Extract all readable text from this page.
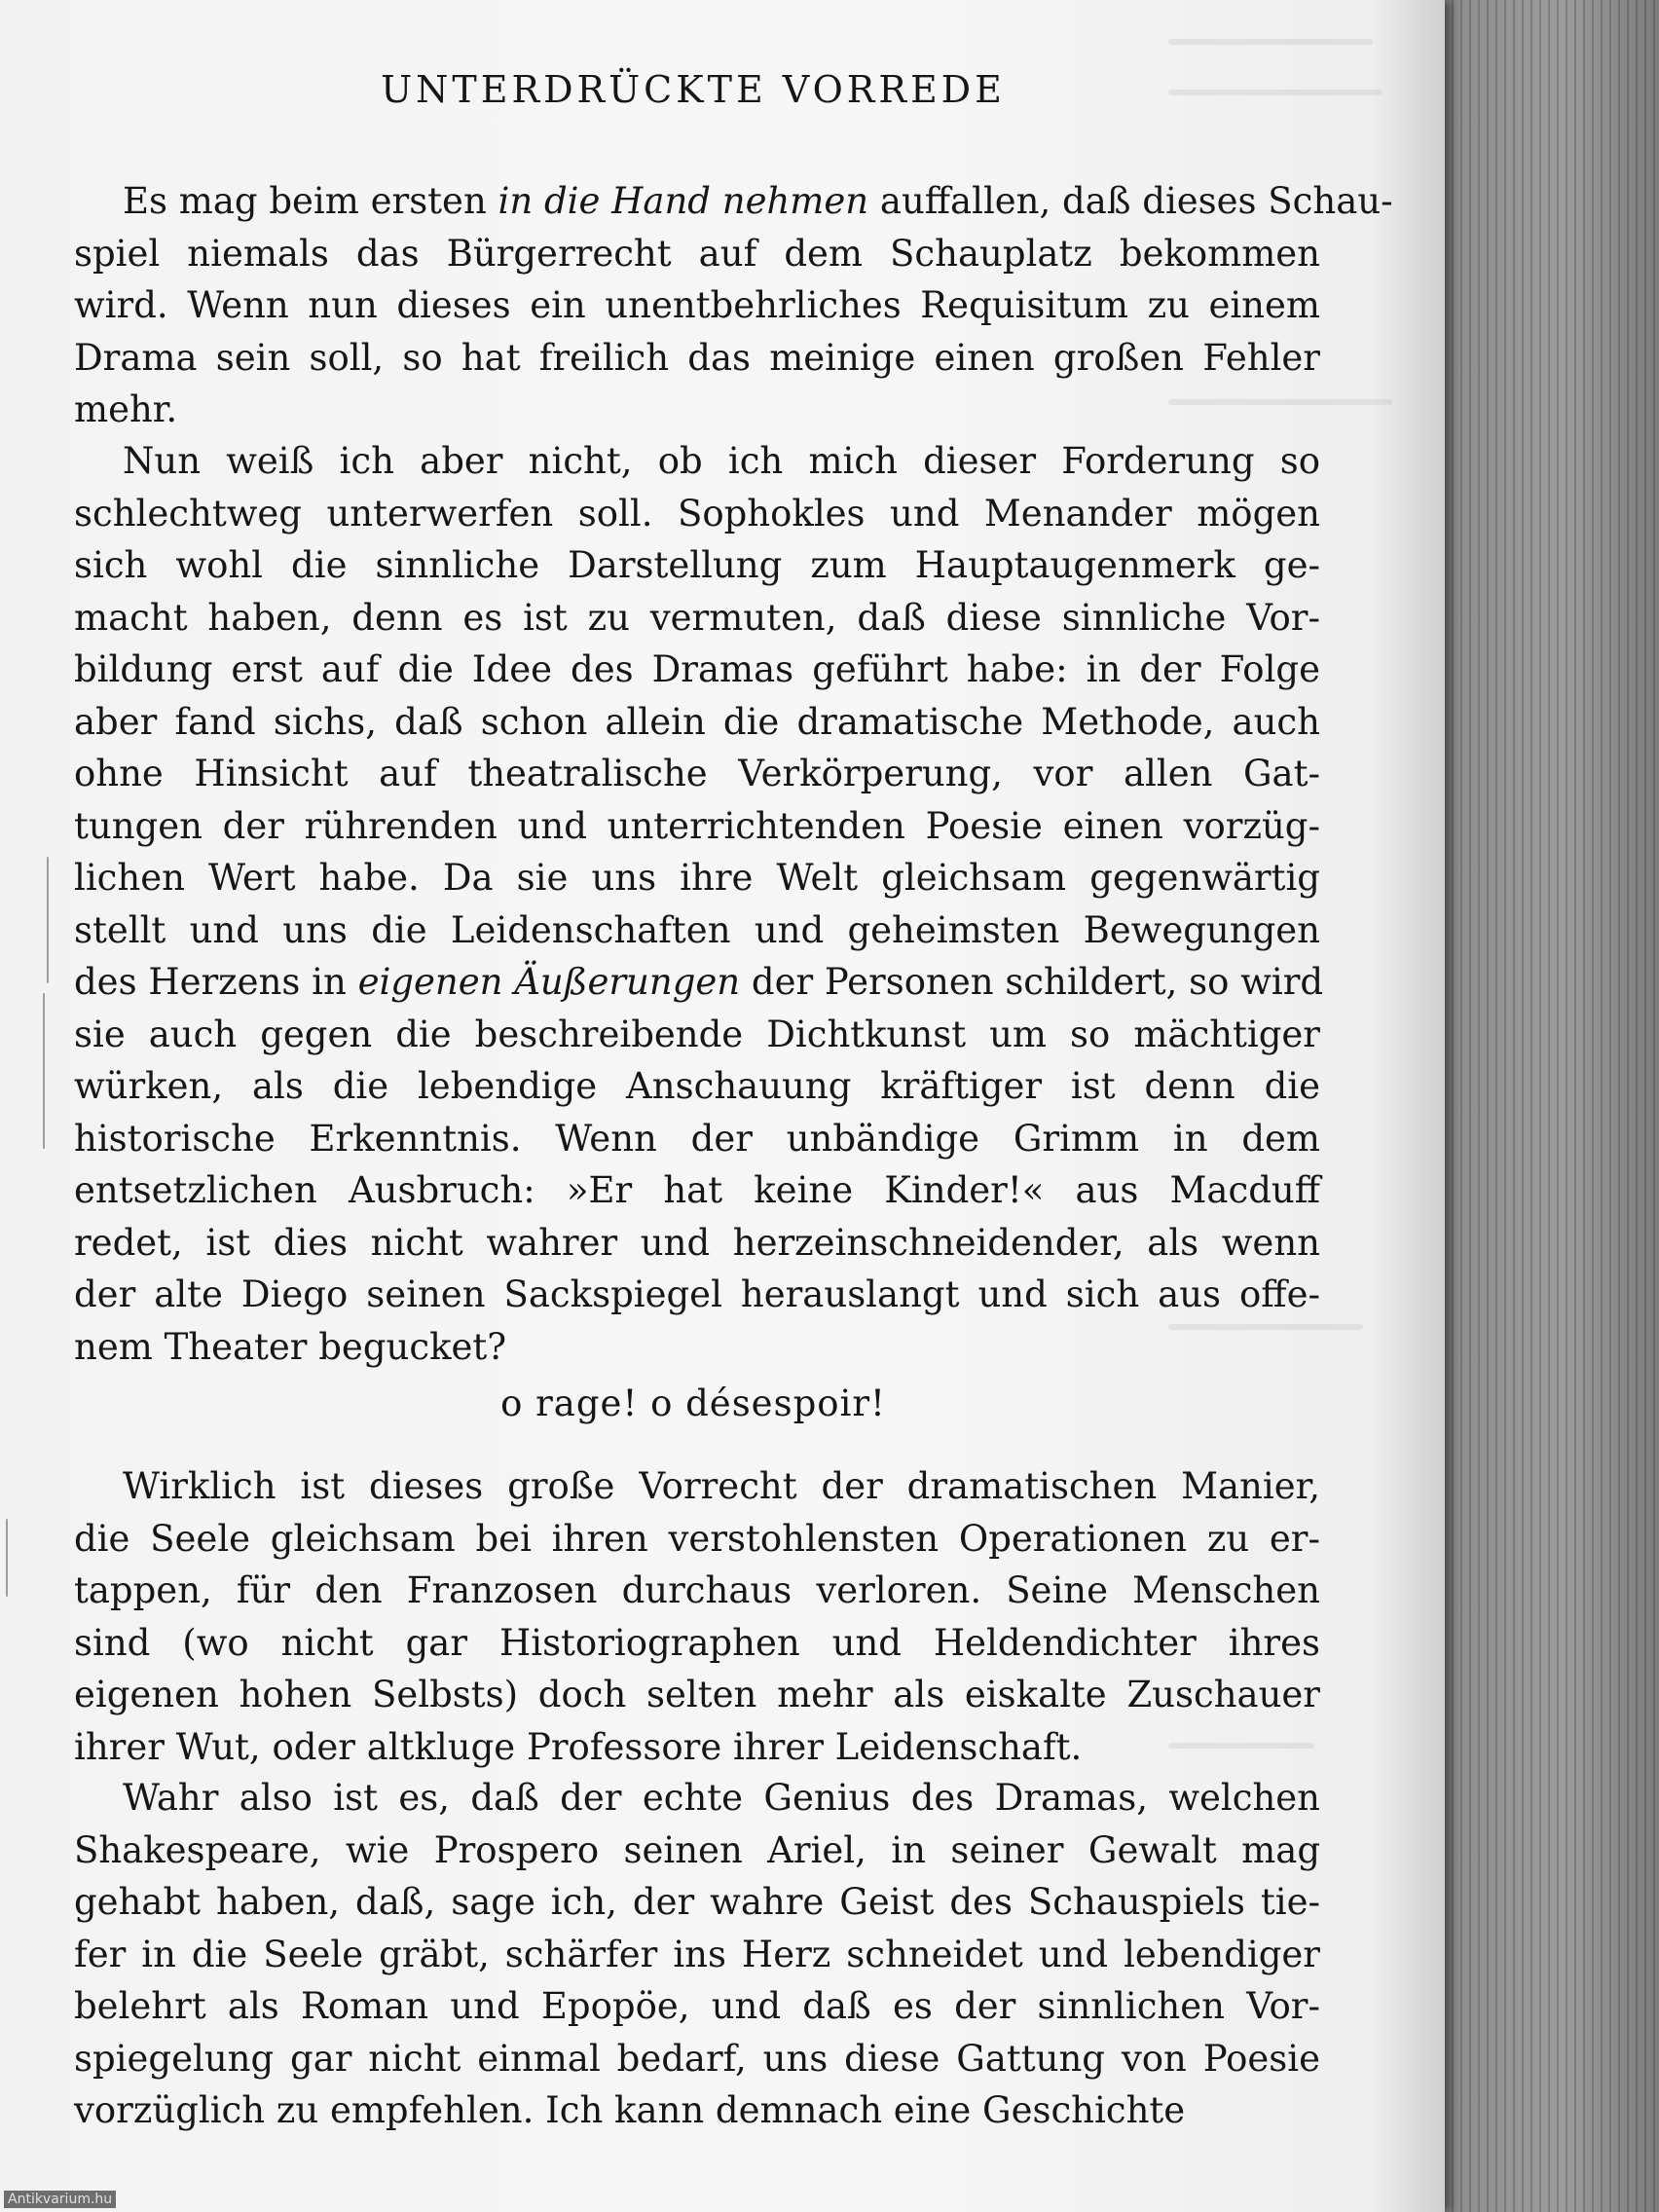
UNTERDRÜCKTE VORREDE

Es mag beim ersten in die Hand nehmen auffallen, daß dieses Schau-
spiel niemals das Bürgerrecht auf dem Schauplatz bekommen
wird. Wenn nun dieses ein unentbehrliches Requisitum zu einem
Drama sein soll, so hat freilich das meinige einen großen Fehler
mehr.

Nun weiß ich aber nicht, ob ich mich dieser Forderung so
schlechtweg unterwerfen soll. Sophokles und Menander mögen
sich wohl die sinnliche Darstellung zum Hauptaugenmerk ge-
macht haben, denn es ist zu vermuten, daß diese sinnliche Vor-
bildung erst auf die Idee des Dramas geführt habe: in der Folge
aber fand sichs, daß schon allein die dramatische Methode, auch
ohne Hinsicht auf theatralische Verkörperung, vor allen Gat-
tungen der rührenden und unterrichtenden Poesie einen vorzüg-
lichen Wert habe. Da sie uns ihre Welt gleichsam gegenwärtig
stellt und uns die Leidenschaften und geheimsten Bewegungen
des Herzens in eigenen Äußerungen der Personen schildert, so wird
sie auch gegen die beschreibende Dichtkunst um so mächtiger
würken, als die lebendige Anschauung kräftiger ist denn die
historische Erkenntnis. Wenn der unbändige Grimm in dem
entsetzlichen Ausbruch: »Er hat keine Kinder!« aus Macduff
redet, ist dies nicht wahrer und herzeinschneidender, als wenn
der alte Diego seinen Sackspiegel herauslangt und sich aus offe-
nem Theater begucket?

o rage! o désespoir!

Wirklich ist dieses große Vorrecht der dramatischen Manier,
die Seele gleichsam bei ihren verstohlensten Operationen zu er-
tappen, für den Franzosen durchaus verloren. Seine Menschen
sind (wo nicht gar Historiographen und Heldendichter ihres
eigenen hohen Selbsts) doch selten mehr als eiskalte Zuschauer
ihrer Wut, oder altkluge Professore ihrer Leidenschaft.

Wahr also ist es, daß der echte Genius des Dramas, welchen
Shakespeare, wie Prospero seinen Ariel, in seiner Gewalt mag
gehabt haben, daß, sage ich, der wahre Geist des Schauspiels tie-
fer in die Seele gräbt, schärfer ins Herz schneidet und lebendiger
belehrt als Roman und Epopöe, und daß es der sinnlichen Vor-
spiegelung gar nicht einmal bedarf, uns diese Gattung von Poesie
vorzüglich zu empfehlen. Ich kann demnach eine Geschichte

Antikvarium.hu
